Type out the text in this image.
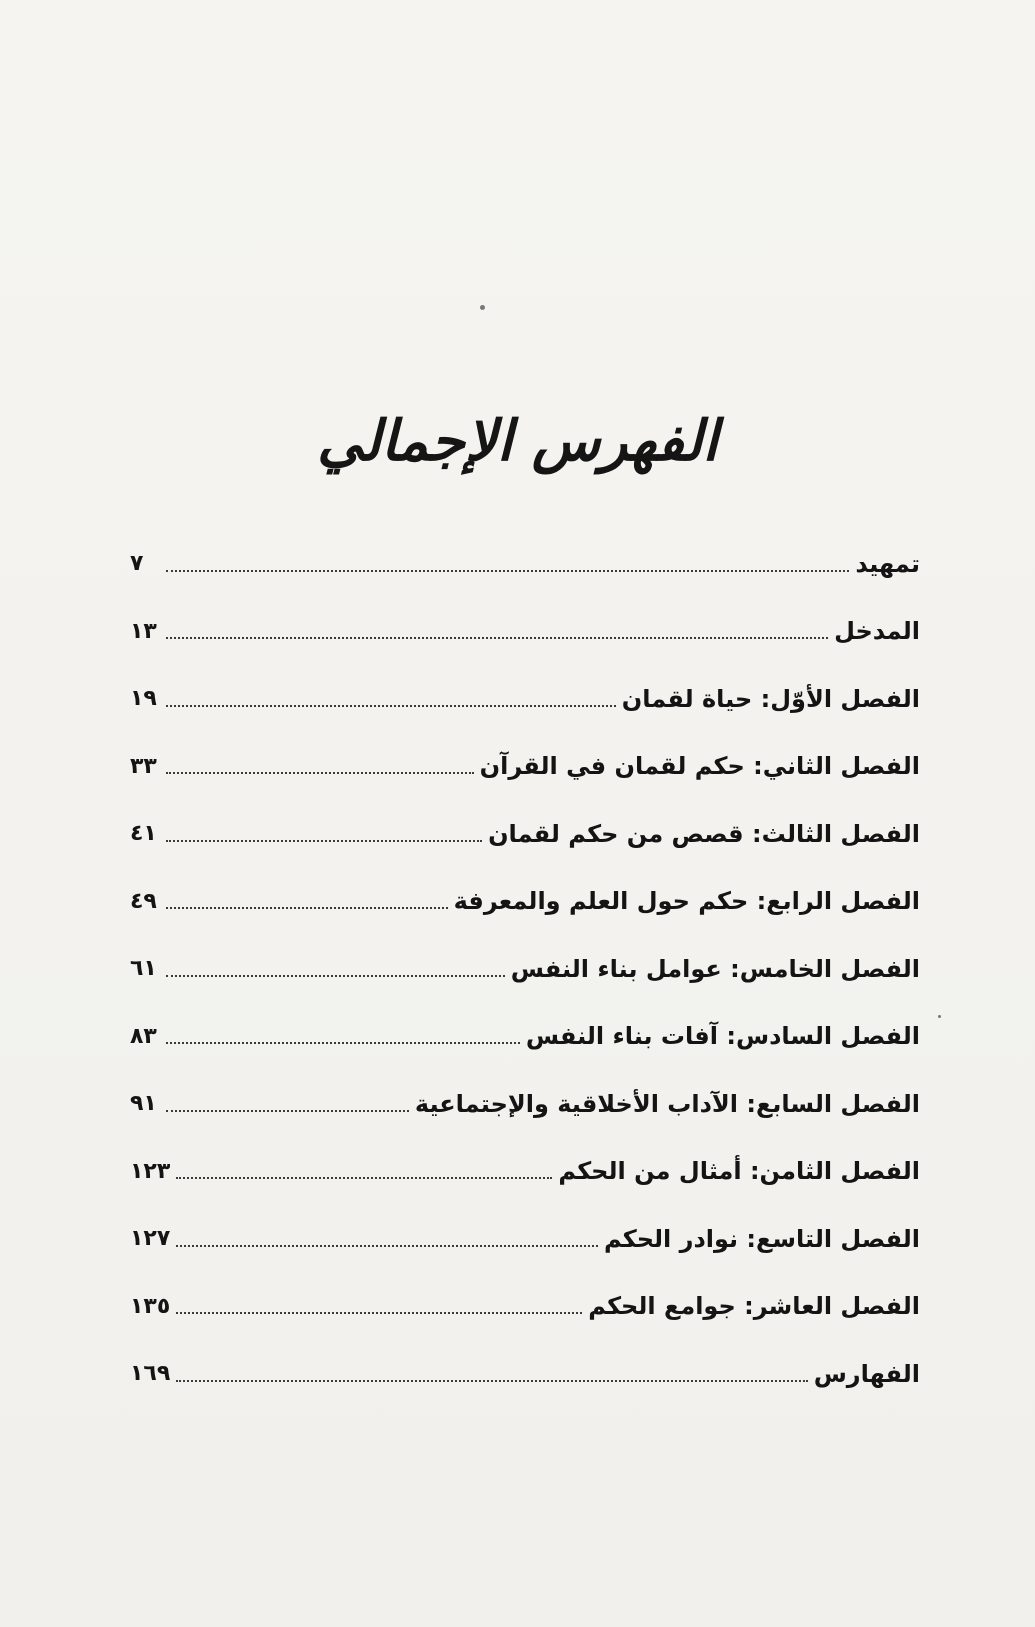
الفهرس الإجمالي
تمهيد
٧
المدخل
١٣
الفصل الأوّل: حياة لقمان
١٩
الفصل الثاني: حكم لقمان في القرآن
٣٣
الفصل الثالث: قصص من حكم لقمان
٤١
الفصل الرابع: حكم حول العلم والمعرفة
٤٩
الفصل الخامس: عوامل بناء النفس
٦١
الفصل السادس: آفات بناء النفس
٨٣
الفصل السابع: الآداب الأخلاقية والإجتماعية
٩١
الفصل الثامن: أمثال من الحكم
١٢٣
الفصل التاسع: نوادر الحكم
١٢٧
الفصل العاشر: جوامع الحكم
١٣٥
الفهارس
١٦٩
